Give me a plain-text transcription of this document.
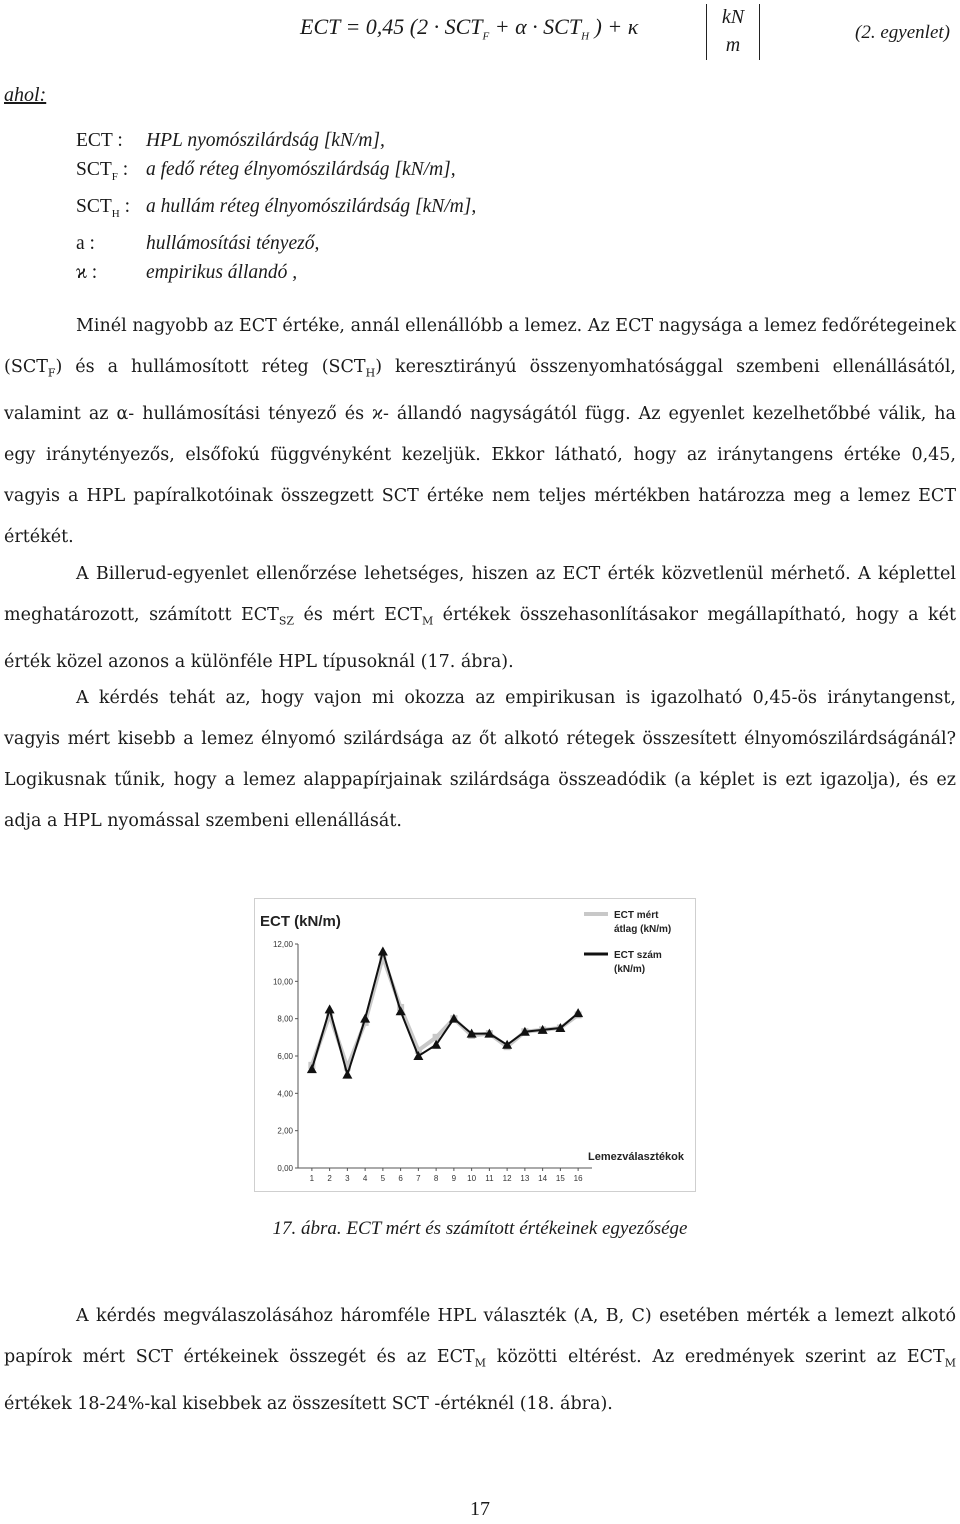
ECT = 0,45 ($2 \cdot SCT_F + \alpha \cdot SCT_H$ ) + κ	kN
m
(2. egyenlet)
ahol:
ECT :	HPL nyomószilárdság [kN/m],
$SCT_F$ : a fedő réteg élnyomószilárdság [kN/m],
$SCT_H$ : a hullám réteg élnyomószilárdság [kN/m],
a :	hullámosítási tényező,
ϰ :	empirikus állandó ,
Minél nagyobb az ECT értéke, annál ellenállóbb a lemez. Az ECT nagysága a lemez fedőrétegeinek $(SCT_F)$ és a hullámosított réteg $(SCT_H)$ keresztirányú összenyomhatósággal szembeni ellenállásától, valamint az α- hullámosítási tényező és ϰ- állandó nagyságától függ. Az egyenlet kezelhetőbbé válik, ha egy iránytényezős, elsőfokú függvényként kezeljük. Ekkor látható, hogy az iránytangens értéke 0,45, vagyis a HPL papíralkotóinak összegzett SCT értéke nem teljes mértékben határozza meg a lemez ECT értékét.
A Billerud-egyenlet ellenőrzése lehetséges, hiszen az ECT érték közvetlenül mérhető. A képlettel meghatározott, számított $ECT_{SZ}$ és mért $ECT_M$ értékek összehasonlításakor megállapítható, hogy a két érték közel azonos a különféle HPL típusoknál (17. ábra).
A kérdés tehát az, hogy vajon mi okozza az empirikusan is igazolható 0,45-ös iránytangenst, vagyis mért kisebb a lemez élnyomó szilárdsága az őt alkotó rétegek összesített élnyomószilárdságánál? Logikusnak tűnik, hogy a lemez alappapírjainak szilárdsága összeadódik (a képlet is ezt igazolja), és ez adja a HPL nyomással szembeni ellenállását.
ECT (kN/m)
0,00
2,00
4,00
6,00
8,00
10,00
12,00
1 2 3 4 5 6 7 8 9 10 11 12 13 14 15 16
ECT mért
átlag (kN/m)
ECT szám
(kN/m)
Lemezválasztékok
17. ábra. ECT mért és számított értékeinek egyezősége
A kérdés megválaszolásához háromféle HPL választék (A, B, C) esetében mérték a lemezt alkotó papírok mért SCT értékeinek összegét és az $ECT_M$ közötti eltérést. Az eredmények szerint az $ECT_M$ értékek 18-24%-kal kisebbek az összesített SCT -értéknél (18. ábra).
17
